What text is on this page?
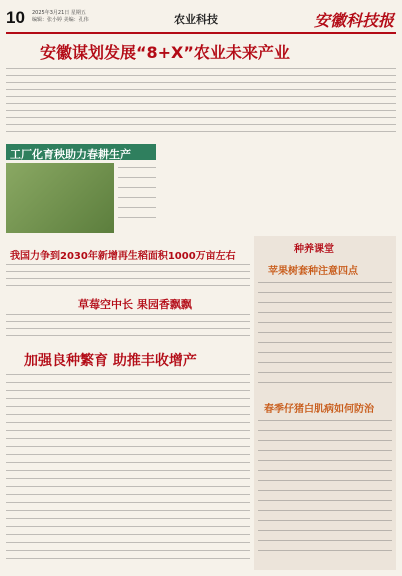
10 2025年3月21日 星期五
编辑：张小婷 美编：孔伟	农业科技	安徽科技报
安徽谋划发展“8+X”农业未来产业
工厂化育秧助力春耕生产
种养课堂
苹果树套种注意四点
春季仔猪白肌病如何防治
我国力争到2030年新增再生稻面积1000万亩左右
草莓空中长 果园香飘飘
加强良种繁育 助推丰收增产
